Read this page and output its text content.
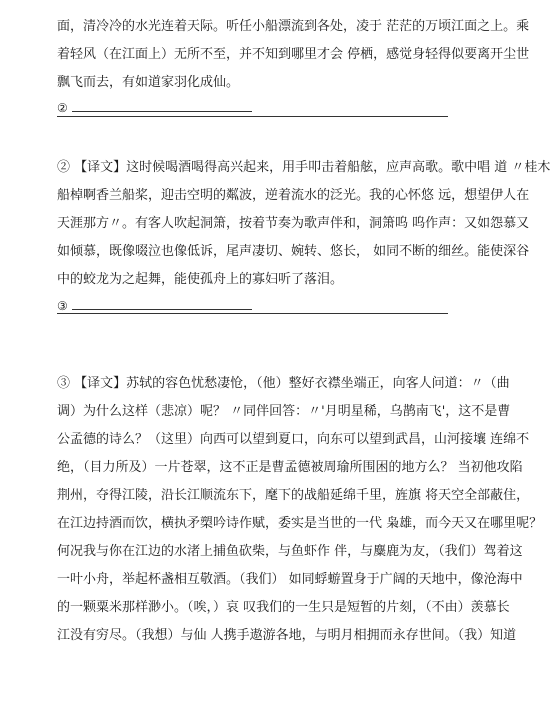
面，清冷冷的水光连着天际。听任小船漂流到各处，凌于 茫茫的万顷江面之上。乘
着轻风（在江面上）无所不至，并不知到哪里才会 停栖，感觉身轻得似要离开尘世
飘飞而去，有如道家羽化成仙。
②
② 【译文】这时候喝酒喝得高兴起来，用手叩击着船舷，应声高歌。歌中唱 道 〃桂木
船棹啊香兰船桨，迎击空明的粼波，逆着流水的泛光。我的心怀悠 远，想望伊人在
天涯那方〃。有客人吹起洞箫，按着节奏为歌声伴和，洞箫呜 呜作声：又如怨慕又
如倾慕，既像啜泣也像低诉，尾声凄切、婉转、悠长， 如同不断的细丝。能使深谷
中的蛟龙为之起舞，能使孤舟上的寡妇听了落泪。
③
③ 【译文】苏轼的容色忧愁凄怆，（他）整好衣襟坐端正，向客人问道：〃（曲
调）为什么这样（悲凉）呢？ 〃同伴回答：〃'月明星稀，乌鹊南飞'，这不是曹
公孟德的诗么？（这里）向西可以望到夏口，向东可以望到武昌，山河接壤 连绵不
绝，（目力所及）一片苍翠，这不正是曹孟德被周瑜所围困的地方么？ 当初他攻陷
荆州，夺得江陵，沿长江顺流东下，麾下的战船延绵千里，旌旗 将天空全部蔽住，
在江边持酒而饮，横执矛槊吟诗作赋，委实是当世的一代 枭雄，而今天又在哪里呢？
何况我与你在江边的水渚上捕鱼砍柴，与鱼虾作 伴，与麋鹿为友，（我们）驾着这
一叶小舟，举起杯盏相互敬酒。（我们） 如同蜉蝣置身于广阔的天地中，像沧海中
的一颗粟米那样渺小。（唉，）哀 叹我们的一生只是短暂的片刻，（不由）羡慕长
江没有穷尽。（我想）与仙 人携手遨游各地，与明月相拥而永存世间。（我）知道
